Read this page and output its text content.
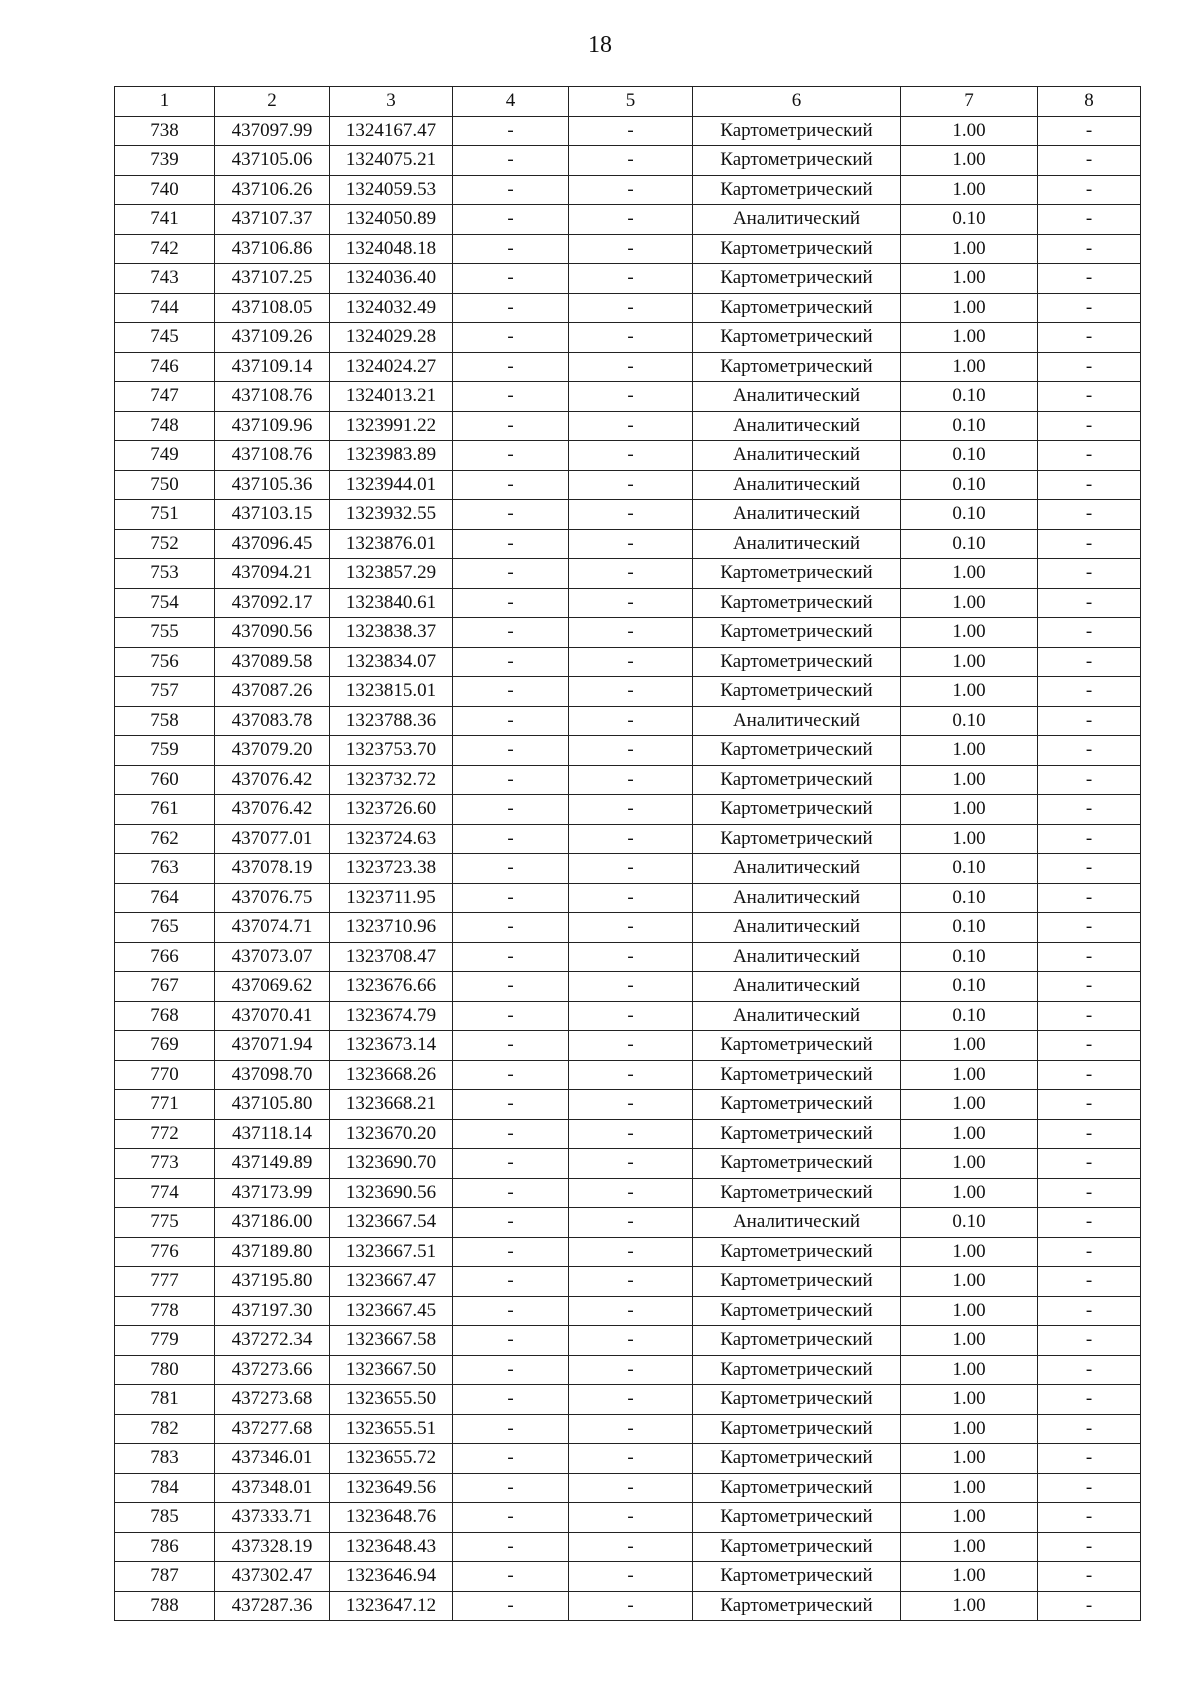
18
1	2	3	4	5	6	7	8
738	437097.99	1324167.47	-	-	Картометрический	1.00	-
739	437105.06	1324075.21	-	-	Картометрический	1.00	-
740	437106.26	1324059.53	-	-	Картометрический	1.00	-
741	437107.37	1324050.89	-	-	Аналитический	0.10	-
742	437106.86	1324048.18	-	-	Картометрический	1.00	-
743	437107.25	1324036.40	-	-	Картометрический	1.00	-
744	437108.05	1324032.49	-	-	Картометрический	1.00	-
745	437109.26	1324029.28	-	-	Картометрический	1.00	-
746	437109.14	1324024.27	-	-	Картометрический	1.00	-
747	437108.76	1324013.21	-	-	Аналитический	0.10	-
748	437109.96	1323991.22	-	-	Аналитический	0.10	-
749	437108.76	1323983.89	-	-	Аналитический	0.10	-
750	437105.36	1323944.01	-	-	Аналитический	0.10	-
751	437103.15	1323932.55	-	-	Аналитический	0.10	-
752	437096.45	1323876.01	-	-	Аналитический	0.10	-
753	437094.21	1323857.29	-	-	Картометрический	1.00	-
754	437092.17	1323840.61	-	-	Картометрический	1.00	-
755	437090.56	1323838.37	-	-	Картометрический	1.00	-
756	437089.58	1323834.07	-	-	Картометрический	1.00	-
757	437087.26	1323815.01	-	-	Картометрический	1.00	-
758	437083.78	1323788.36	-	-	Аналитический	0.10	-
759	437079.20	1323753.70	-	-	Картометрический	1.00	-
760	437076.42	1323732.72	-	-	Картометрический	1.00	-
761	437076.42	1323726.60	-	-	Картометрический	1.00	-
762	437077.01	1323724.63	-	-	Картометрический	1.00	-
763	437078.19	1323723.38	-	-	Аналитический	0.10	-
764	437076.75	1323711.95	-	-	Аналитический	0.10	-
765	437074.71	1323710.96	-	-	Аналитический	0.10	-
766	437073.07	1323708.47	-	-	Аналитический	0.10	-
767	437069.62	1323676.66	-	-	Аналитический	0.10	-
768	437070.41	1323674.79	-	-	Аналитический	0.10	-
769	437071.94	1323673.14	-	-	Картометрический	1.00	-
770	437098.70	1323668.26	-	-	Картометрический	1.00	-
771	437105.80	1323668.21	-	-	Картометрический	1.00	-
772	437118.14	1323670.20	-	-	Картометрический	1.00	-
773	437149.89	1323690.70	-	-	Картометрический	1.00	-
774	437173.99	1323690.56	-	-	Картометрический	1.00	-
775	437186.00	1323667.54	-	-	Аналитический	0.10	-
776	437189.80	1323667.51	-	-	Картометрический	1.00	-
777	437195.80	1323667.47	-	-	Картометрический	1.00	-
778	437197.30	1323667.45	-	-	Картометрический	1.00	-
779	437272.34	1323667.58	-	-	Картометрический	1.00	-
780	437273.66	1323667.50	-	-	Картометрический	1.00	-
781	437273.68	1323655.50	-	-	Картометрический	1.00	-
782	437277.68	1323655.51	-	-	Картометрический	1.00	-
783	437346.01	1323655.72	-	-	Картометрический	1.00	-
784	437348.01	1323649.56	-	-	Картометрический	1.00	-
785	437333.71	1323648.76	-	-	Картометрический	1.00	-
786	437328.19	1323648.43	-	-	Картометрический	1.00	-
787	437302.47	1323646.94	-	-	Картометрический	1.00	-
788	437287.36	1323647.12	-	-	Картометрический	1.00	-
